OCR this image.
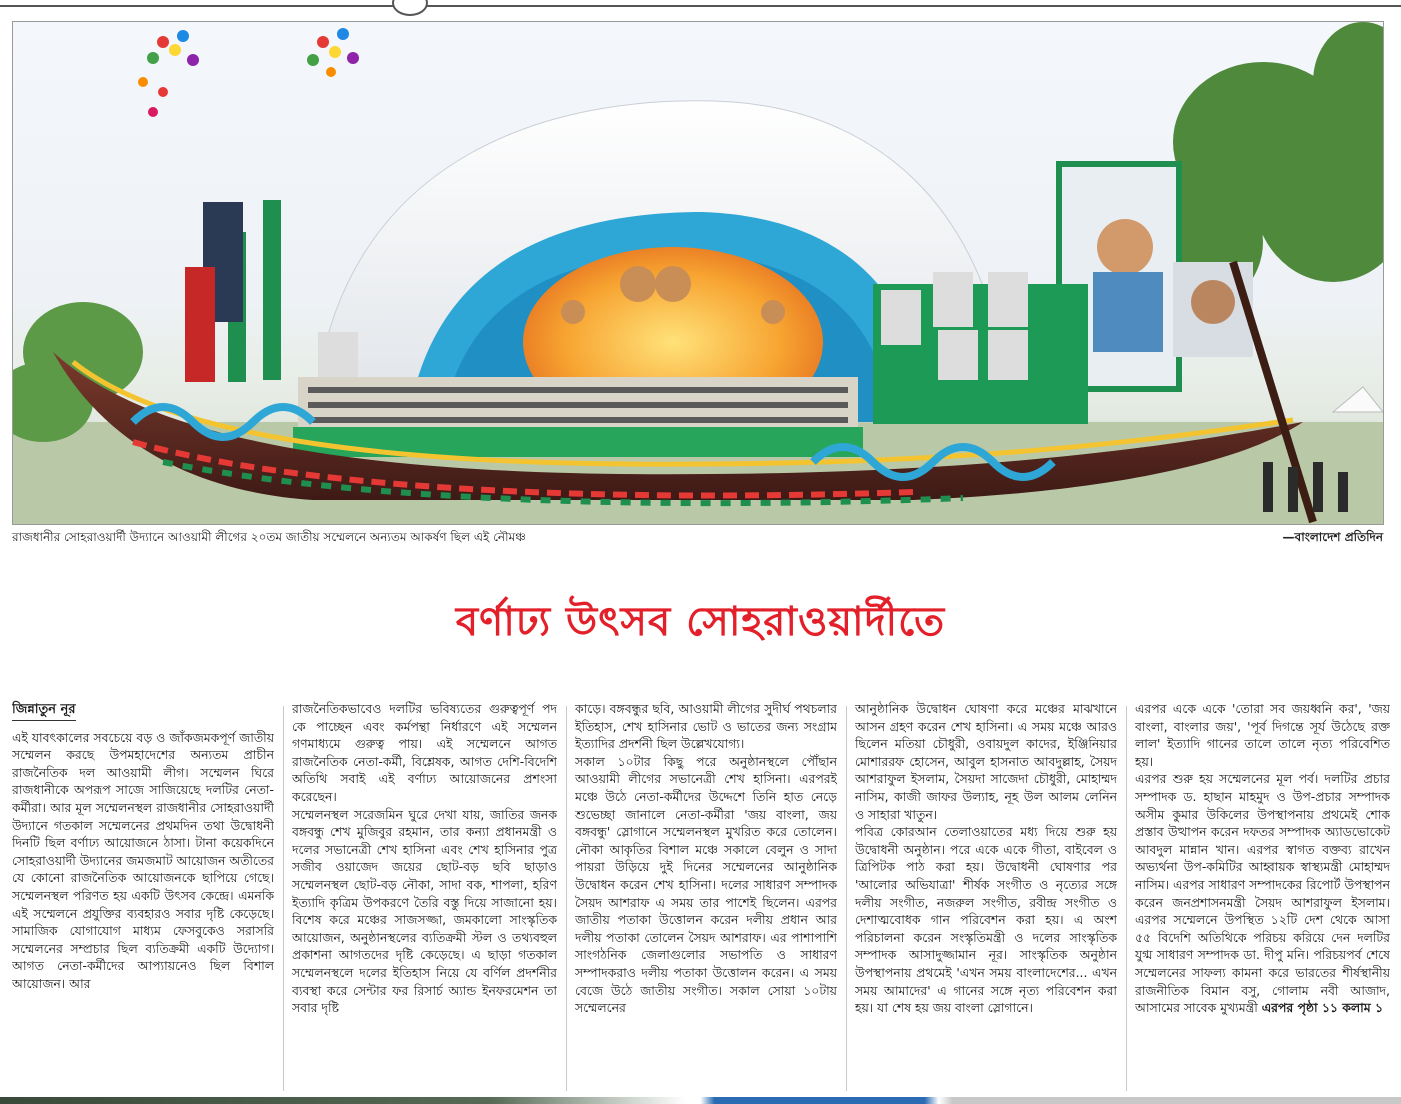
রাজধানীর সোহরাওয়ার্দী উদ্যানে আওয়ামী লীগের ২০তম জাতীয় সম্মেলনে অন্যতম আকর্ষণ ছিল এই নৌমঞ্চ	—বাংলাদেশ প্রতিদিন
বর্ণাঢ্য উৎসব সোহরাওয়ার্দীতে
জিন্নাতুন নূর

এই যাবৎকালের সবচেয়ে বড় ও জাঁকজমকপূর্ণ জাতীয় সম্মেলন করছে উপমহাদেশের অন্যতম প্রাচীন রাজনৈতিক দল আওয়ামী লীগ। সম্মেলন ঘিরে রাজধানীকে অপরূপ সাজে সাজিয়েছে দলটির নেতা-কর্মীরা। আর মূল সম্মেলনস্থল রাজধানীর সোহরাওয়ার্দী উদ্যানে গতকাল সম্মেলনের প্রথমদিন তথা উদ্বোধনী দিনটি ছিল বর্ণাঢ্য আয়োজনে ঠাসা। টানা কয়েকদিনে সোহরাওয়ার্দী উদ্যানের জমজমাট আয়োজন অতীতের যে কোনো রাজনৈতিক আয়োজনকে ছাপিয়ে গেছে। সম্মেলনস্থল পরিণত হয় একটি উৎসব কেন্দ্রে। এমনকি এই সম্মেলনে প্রযুক্তির ব্যবহারও সবার দৃষ্টি কেড়েছে। সামাজিক যোগাযোগ মাধ্যম ফেসবুকেও সরাসরি সম্মেলনের সম্প্রচার ছিল ব্যতিক্রমী একটি উদ্যোগ। আগত নেতা-কর্মীদের আপ্যায়নেও ছিল বিশাল আয়োজন। আর

রাজনৈতিকভাবেও দলটির ভবিষ্যতের গুরুত্বপূর্ণ পদ কে পাচ্ছেন এবং কর্মপন্থা নির্ধারণে এই সম্মেলন গণমাধ্যমে গুরুত্ব পায়। এই সম্মেলনে আগত রাজনৈতিক নেতা-কর্মী, বিশ্লেষক, আগত দেশি-বিদেশি অতিথি সবাই এই বর্ণাঢ্য আয়োজনের প্রশংসা করেছেন।

সম্মেলনস্থল সরেজমিন ঘুরে দেখা যায়, জাতির জনক বঙ্গবন্ধু শেখ মুজিবুর রহমান, তার কন্যা প্রধানমন্ত্রী ও দলের সভানেত্রী শেখ হাসিনা এবং শেখ হাসিনার পুত্র সজীব ওয়াজেদ জয়ের ছোট-বড় ছবি ছাড়াও সম্মেলনস্থল ছোট-বড় নৌকা, সাদা বক, শাপলা, হরিণ ইত্যাদি কৃত্রিম উপকরণে তৈরি বস্তু দিয়ে সাজানো হয়। বিশেষ করে মঞ্চের সাজসজ্জা, জমকালো সাংস্কৃতিক আয়োজন, অনুষ্ঠানস্থলের ব্যতিক্রমী স্টল ও তথ্যবহুল প্রকাশনা আগতদের দৃষ্টি কেড়েছে। এ ছাড়া গতকাল সম্মেলনস্থলে দলের ইতিহাস নিয়ে যে বর্ণিল প্রদর্শনীর ব্যবস্থা করে সেন্টার ফর রিসার্চ অ্যান্ড ইনফরমেশন তা সবার দৃষ্টি

কাড়ে। বঙ্গবন্ধুর ছবি, আওয়ামী লীগের সুদীর্ঘ পথচলার ইতিহাস, শেখ হাসিনার ভোট ও ভাতের জন্য সংগ্রাম ইত্যাদির প্রদর্শনী ছিল উল্লেখযোগ্য।

সকাল ১০টার কিছু পরে অনুষ্ঠানস্থলে পৌঁছান আওয়ামী লীগের সভানেত্রী শেখ হাসিনা। এরপরই মঞ্চে উঠে নেতা-কর্মীদের উদ্দেশে তিনি হাত নেড়ে শুভেচ্ছা জানালে নেতা-কর্মীরা 'জয় বাংলা, জয় বঙ্গবন্ধু' স্লোগানে সম্মেলনস্থল মুখরিত করে তোলেন। নৌকা আকৃতির বিশাল মঞ্চে সকালে বেলুন ও সাদা পায়রা উড়িয়ে দুই দিনের সম্মেলনের আনুষ্ঠানিক উদ্বোধন করেন শেখ হাসিনা। দলের সাধারণ সম্পাদক সৈয়দ আশরাফ এ সময় তার পাশেই ছিলেন। এরপর জাতীয় পতাকা উত্তোলন করেন দলীয় প্রধান আর দলীয় পতাকা তোলেন সৈয়দ আশরাফ। এর পাশাপাশি সাংগঠনিক জেলাগুলোর সভাপতি ও সাধারণ সম্পাদকরাও দলীয় পতাকা উত্তোলন করেন। এ সময় বেজে উঠে জাতীয় সংগীত। সকাল সোয়া ১০টায় সম্মেলনের

আনুষ্ঠানিক উদ্বোধন ঘোষণা করে মঞ্চের মাঝখানে আসন গ্রহণ করেন শেখ হাসিনা। এ সময় মঞ্চে আরও ছিলেন মতিয়া চৌধুরী, ওবায়দুল কাদের, ইঞ্জিনিয়ার মোশাররফ হোসেন, আবুল হাসনাত আবদুল্লাহ, সৈয়দ আশরাফুল ইসলাম, সৈয়দা সাজেদা চৌধুরী, মোহাম্মদ নাসিম, কাজী জাফর উল্যাহ, নূহ উল আলম লেনিন ও সাহারা খাতুন।

পবিত্র কোরআন তেলাওয়াতের মধ্য দিয়ে শুরু হয় উদ্বোধনী অনুষ্ঠান। পরে একে একে গীতা, বাইবেল ও ত্রিপিটক পাঠ করা হয়। উদ্বোধনী ঘোষণার পর 'আলোর অভিযাত্রা' শীর্ষক সংগীত ও নৃত্যের সঙ্গে দলীয় সংগীত, নজরুল সংগীত, রবীন্দ্র সংগীত ও দেশাত্মবোধক গান পরিবেশন করা হয়। এ অংশ পরিচালনা করেন সংস্কৃতিমন্ত্রী ও দলের সাংস্কৃতিক সম্পাদক আসাদুজ্জামান নূর। সাংস্কৃতিক অনুষ্ঠান উপস্থাপনায় প্রথমেই 'এখন সময় বাংলাদেশের... এখন সময় আমাদের' এ গানের সঙ্গে নৃত্য পরিবেশন করা হয়। যা শেষ হয় জয় বাংলা স্লোগানে।

এরপর একে একে 'তোরা সব জয়ধ্বনি কর', 'জয় বাংলা, বাংলার জয়', 'পূর্ব দিগন্তে সূর্য উঠেছে রক্ত লাল' ইত্যাদি গানের তালে তালে নৃত্য পরিবেশিত হয়।

এরপর শুরু হয় সম্মেলনের মূল পর্ব। দলটির প্রচার সম্পাদক ড. হাছান মাহমুদ ও উপ-প্রচার সম্পাদক অসীম কুমার উকিলের উপস্থাপনায় প্রথমেই শোক প্রস্তাব উত্থাপন করেন দফতর সম্পাদক অ্যাডভোকেট আবদুল মান্নান খান। এরপর স্বাগত বক্তব্য রাখেন অভ্যর্থনা উপ-কমিটির আহ্বায়ক স্বাস্থ্যমন্ত্রী মোহাম্মদ নাসিম। এরপর সাধারণ সম্পাদকের রিপোর্ট উপস্থাপন করেন জনপ্রশাসনমন্ত্রী সৈয়দ আশরাফুল ইসলাম। এরপর সম্মেলনে উপস্থিত ১২টি দেশ থেকে আসা ৫৫ বিদেশি অতিথিকে পরিচয় করিয়ে দেন দলটির যুগ্ম সাধারণ সম্পাদক ডা. দীপু মনি। পরিচয়পর্ব শেষে সম্মেলনের সাফল্য কামনা করে ভারতের শীর্ষস্থানীয় রাজনীতিক বিমান বসু, গোলাম নবী আজাদ, আসামের সাবেক মুখ্যমন্ত্রী এরপর পৃষ্ঠা ১১ কলাম ১
